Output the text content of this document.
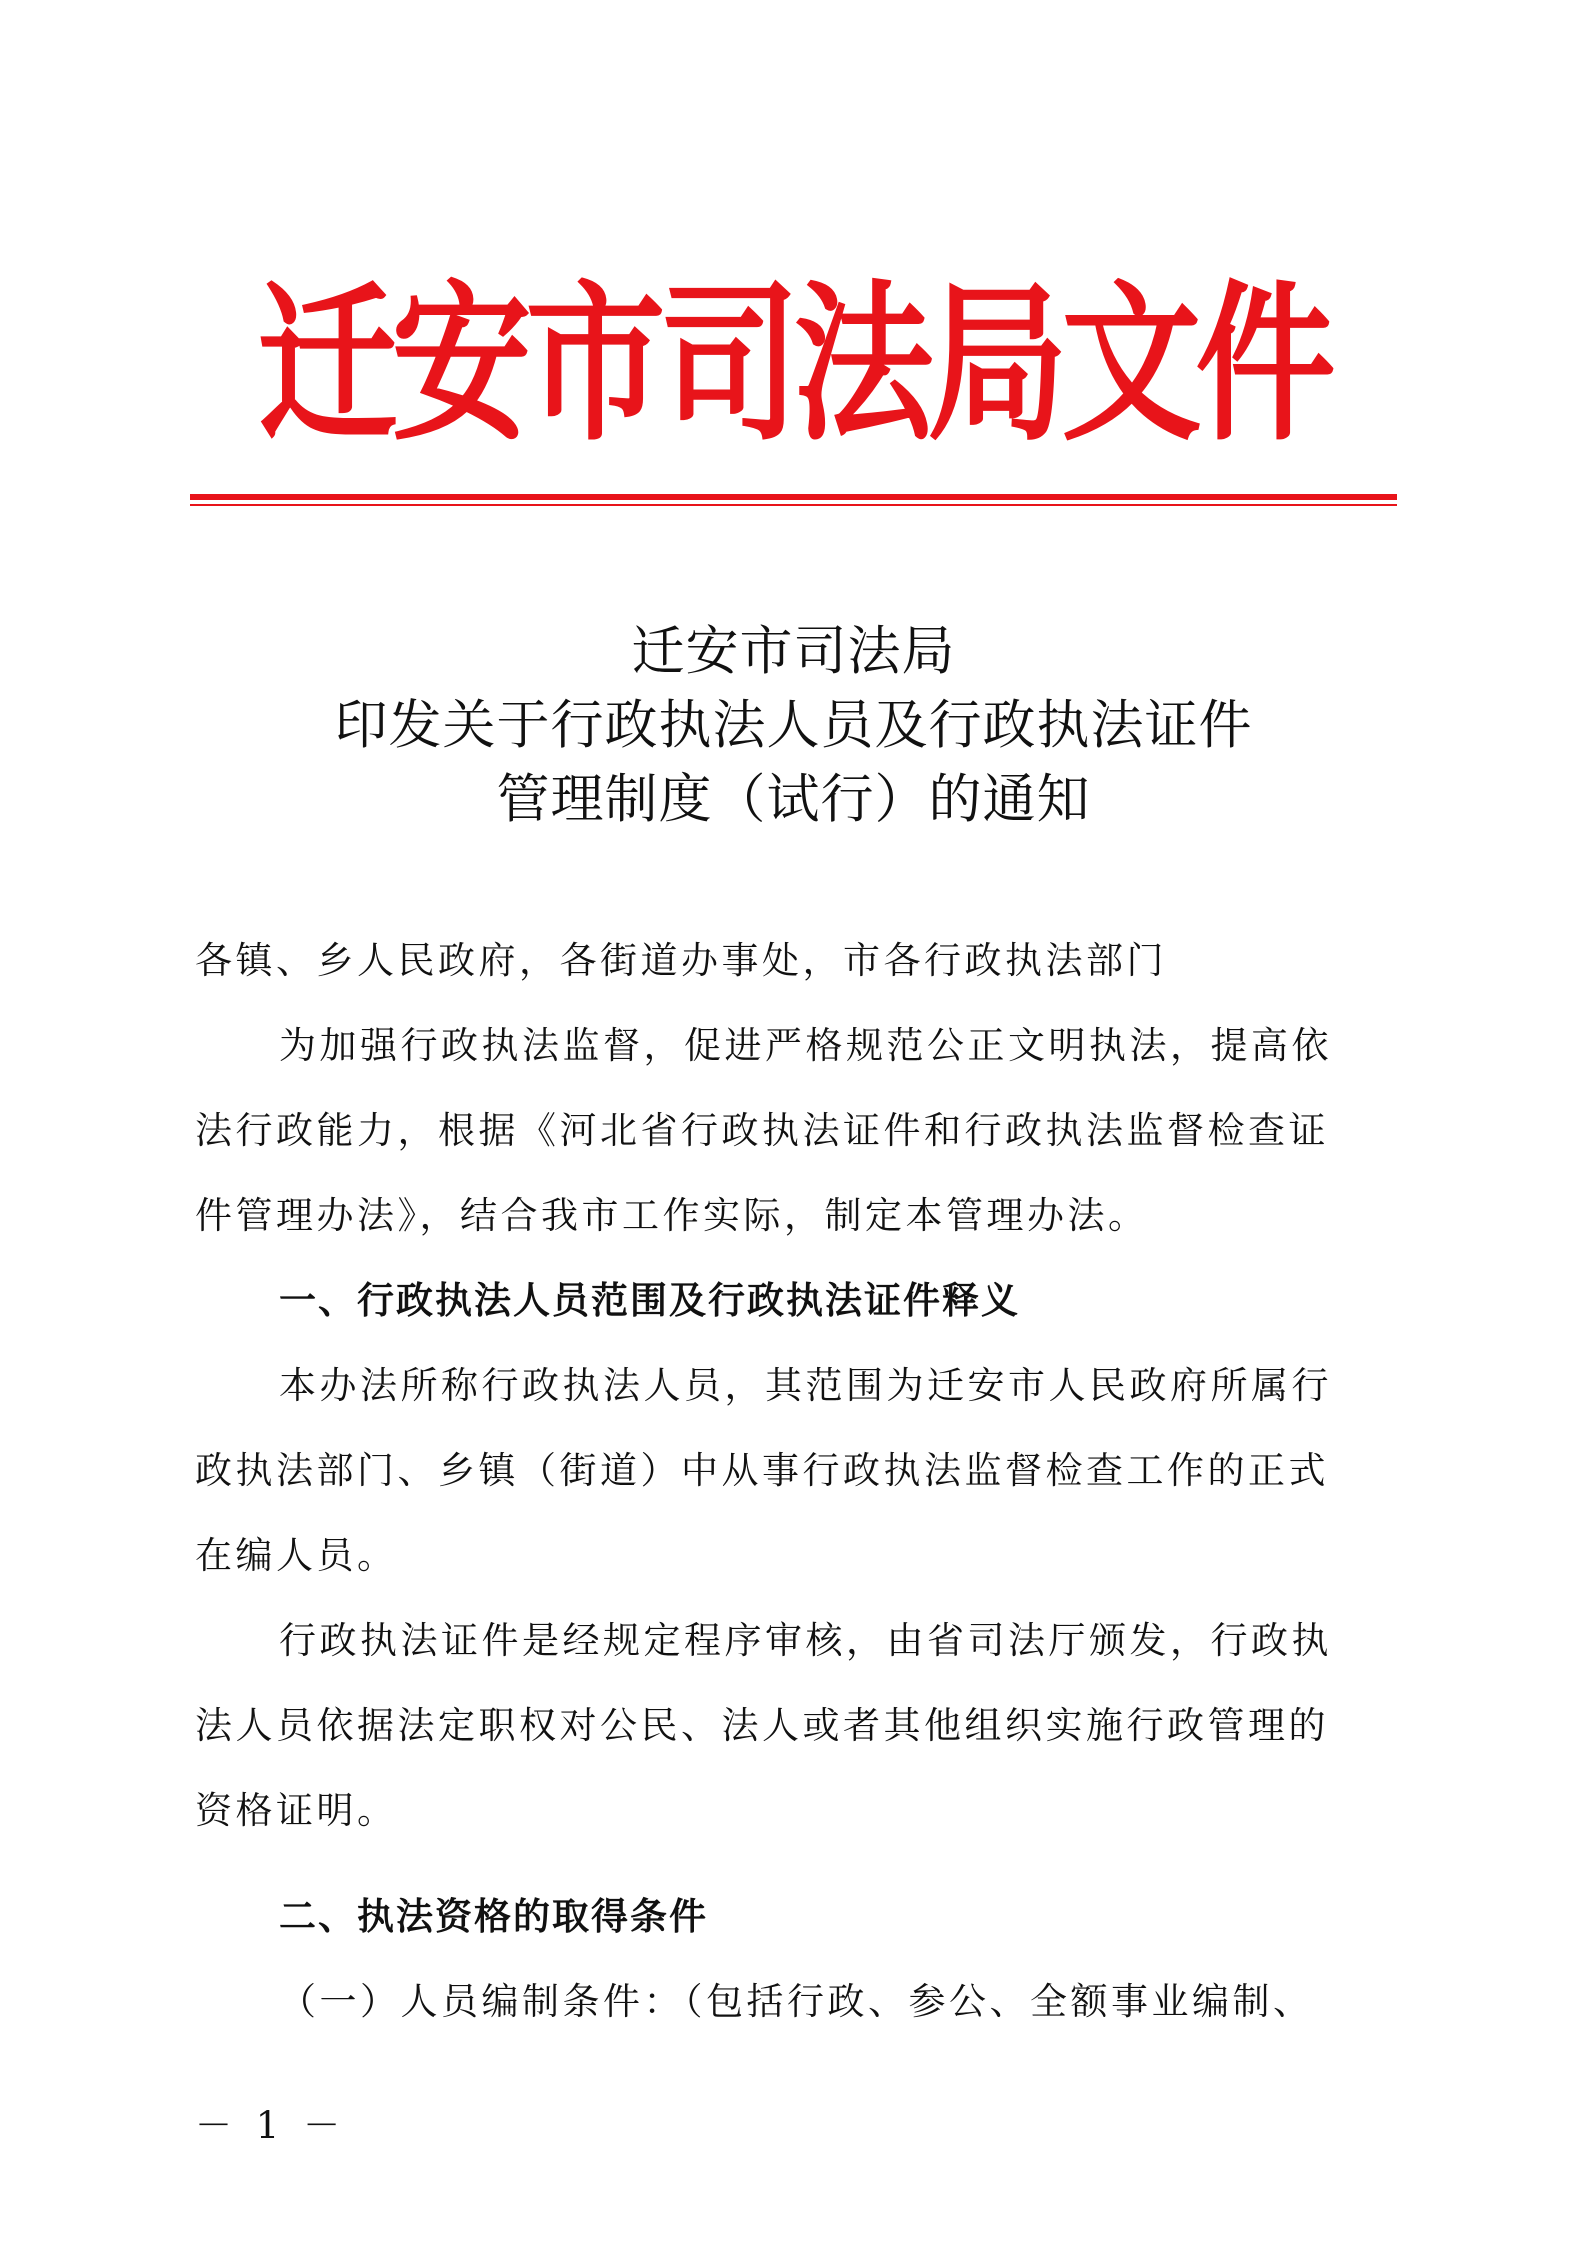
迁安市司法局文件
迁安市司法局
印发关于行政执法人员及行政执法证件
管理制度（试行）的通知
各镇、乡人民政府，各街道办事处，市各行政执法部门
为加强行政执法监督，促进严格规范公正文明执法，提高依
法行政能力，根据《河北省行政执法证件和行政执法监督检查证
件管理办法》，结合我市工作实际，制定本管理办法。
一、行政执法人员范围及行政执法证件释义
本办法所称行政执法人员，其范围为迁安市人民政府所属行
政执法部门、乡镇（街道）中从事行政执法监督检查工作的正式
在编人员。
行政执法证件是经规定程序审核，由省司法厅颁发，行政执
法人员依据法定职权对公民、法人或者其他组织实施行政管理的
资格证明。
二、执法资格的取得条件
（一）人员编制条件：（包括行政、参公、全额事业编制、
－ 1 －
